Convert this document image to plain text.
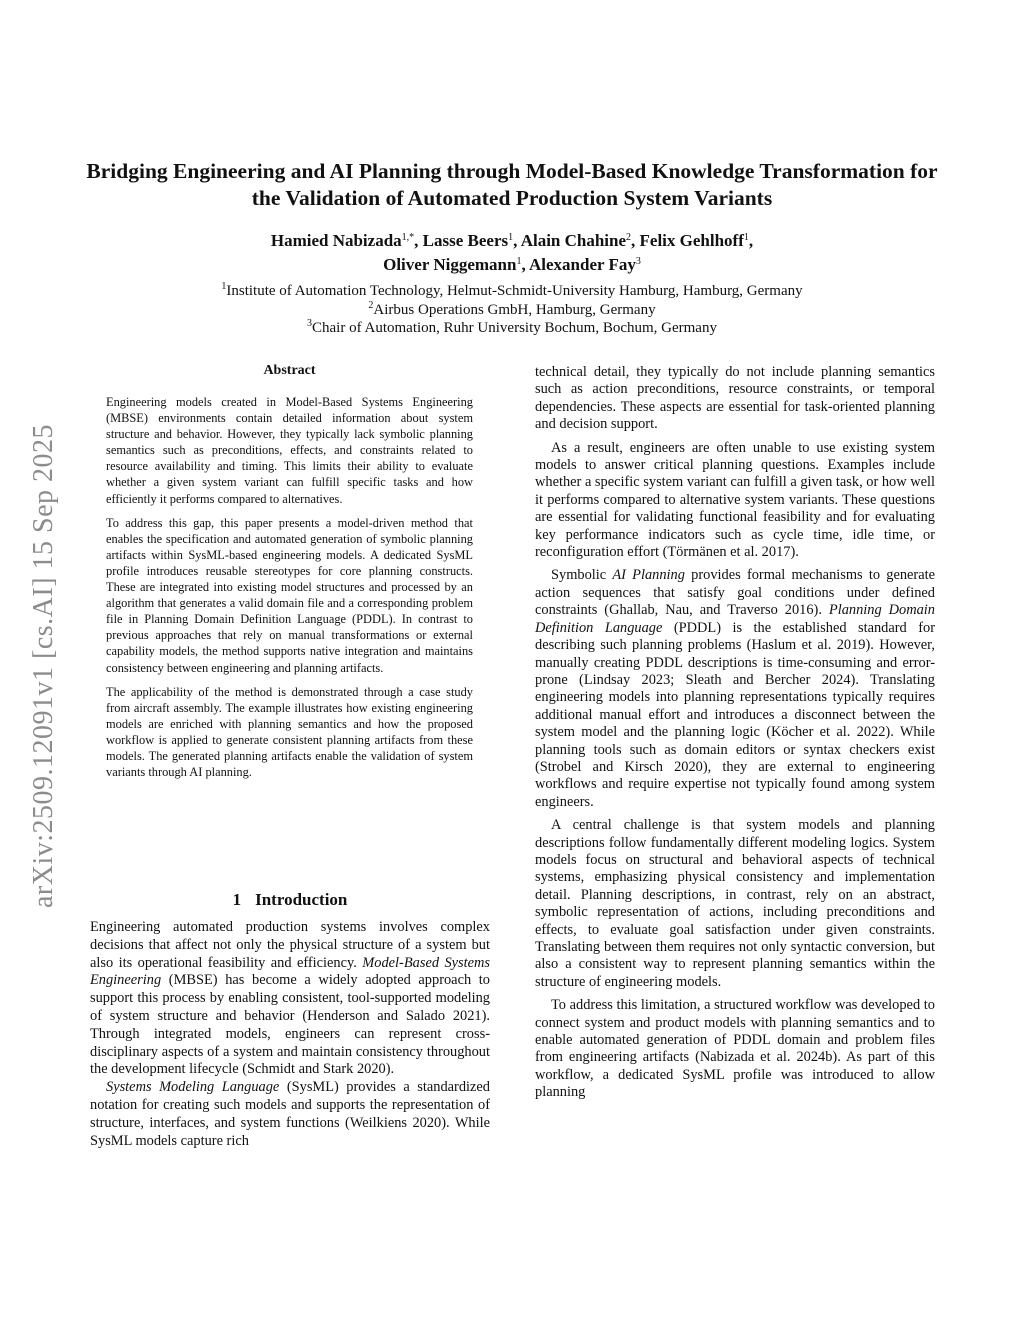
arXiv:2509.12091v1 [cs.AI] 15 Sep 2025
Bridging Engineering and AI Planning through Model-Based Knowledge Transformation for the Validation of Automated Production System Variants
Hamied Nabizada$^{1,*}$, Lasse Beers$^1$, Alain Chahine$^2$, Felix Gehlhoff$^1$,
Oliver Niggemann$^1$, Alexander Fay$^3$
$^1$Institute of Automation Technology, Helmut-Schmidt-University Hamburg, Hamburg, Germany
$^2$Airbus Operations GmbH, Hamburg, Germany
$^3$Chair of Automation, Ruhr University Bochum, Bochum, Germany
Abstract

Engineering models created in Model-Based Systems Engineering (MBSE) environments contain detailed information about system structure and behavior. However, they typically lack symbolic planning semantics such as preconditions, effects, and constraints related to resource availability and timing. This limits their ability to evaluate whether a given system variant can fulfill specific tasks and how efficiently it performs compared to alternatives.

To address this gap, this paper presents a model-driven method that enables the specification and automated generation of symbolic planning artifacts within SysML-based engineering models. A dedicated SysML profile introduces reusable stereotypes for core planning constructs. These are integrated into existing model structures and processed by an algorithm that generates a valid domain file and a corresponding problem file in Planning Domain Definition Language (PDDL). In contrast to previous approaches that rely on manual transformations or external capability models, the method supports native integration and maintains consistency between engineering and planning artifacts.

The applicability of the method is demonstrated through a case study from aircraft assembly. The example illustrates how existing engineering models are enriched with planning semantics and how the proposed workflow is applied to generate consistent planning artifacts from these models. The generated planning artifacts enable the validation of system variants through AI planning.

1 Introduction

Engineering automated production systems involves complex decisions that affect not only the physical structure of a system but also its operational feasibility and efficiency. Model-Based Systems Engineering (MBSE) has become a widely adopted approach to support this process by enabling consistent, tool-supported modeling of system structure and behavior (Henderson and Salado 2021). Through integrated models, engineers can represent cross-disciplinary aspects of a system and maintain consistency throughout the development lifecycle (Schmidt and Stark 2020).

Systems Modeling Language (SysML) provides a standardized notation for creating such models and supports the representation of structure, interfaces, and system functions (Weilkiens 2020). While SysML models capture rich

technical detail, they typically do not include planning semantics such as action preconditions, resource constraints, or temporal dependencies. These aspects are essential for task-oriented planning and decision support.

As a result, engineers are often unable to use existing system models to answer critical planning questions. Examples include whether a specific system variant can fulfill a given task, or how well it performs compared to alternative system variants. These questions are essential for validating functional feasibility and for evaluating key performance indicators such as cycle time, idle time, or reconfiguration effort (Törmänen et al. 2017).

Symbolic AI Planning provides formal mechanisms to generate action sequences that satisfy goal conditions under defined constraints (Ghallab, Nau, and Traverso 2016). Planning Domain Definition Language (PDDL) is the established standard for describing such planning problems (Haslum et al. 2019). However, manually creating PDDL descriptions is time-consuming and error-prone (Lindsay 2023; Sleath and Bercher 2024). Translating engineering models into planning representations typically requires additional manual effort and introduces a disconnect between the system model and the planning logic (Köcher et al. 2022). While planning tools such as domain editors or syntax checkers exist (Strobel and Kirsch 2020), they are external to engineering workflows and require expertise not typically found among system engineers.

A central challenge is that system models and planning descriptions follow fundamentally different modeling logics. System models focus on structural and behavioral aspects of technical systems, emphasizing physical consistency and implementation detail. Planning descriptions, in contrast, rely on an abstract, symbolic representation of actions, including preconditions and effects, to evaluate goal satisfaction under given constraints. Translating between them requires not only syntactic conversion, but also a consistent way to represent planning semantics within the structure of engineering models.

To address this limitation, a structured workflow was developed to connect system and product models with planning semantics and to enable automated generation of PDDL domain and problem files from engineering artifacts (Nabizada et al. 2024b). As part of this workflow, a dedicated SysML profile was introduced to allow planning
